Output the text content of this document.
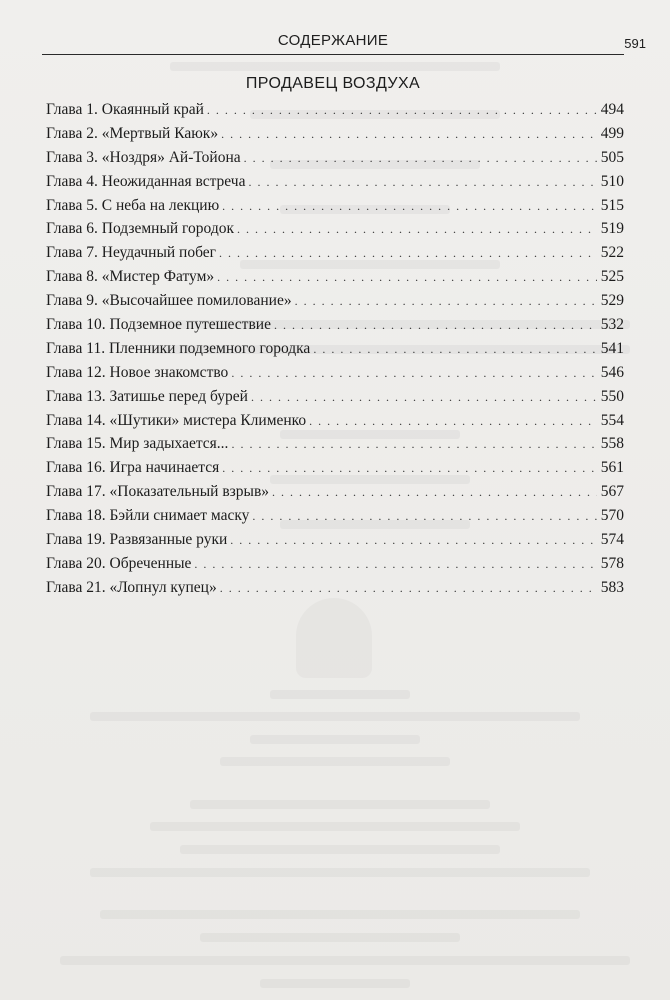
СОДЕРЖАНИЕ	591
ПРОДАВЕЦ ВОЗДУХА
Глава 1. Окаянный край . . .	494
Глава 2. «Мертвый Каюк» . . .	499
Глава 3. «Ноздря» Ай-Тойона . . .	505
Глава 4. Неожиданная встреча . . .	510
Глава 5. С неба на лекцию . . .	515
Глава 6. Подземный городок . . .	519
Глава 7. Неудачный побег . . .	522
Глава 8. «Мистер Фатум» . . .	525
Глава 9. «Высочайшее помилование» . . .	529
Глава 10. Подземное путешествие . . .	532
Глава 11. Пленники подземного городка . . .	541
Глава 12. Новое знакомство . . .	546
Глава 13. Затишье перед бурей . . .	550
Глава 14. «Шутики» мистера Клименко . . .	554
Глава 15. Мир задыхается... . . .	558
Глава 16. Игра начинается . . .	561
Глава 17. «Показательный взрыв» . . .	567
Глава 18. Бэйли снимает маску . . .	570
Глава 19. Развязанные руки . . .	574
Глава 20. Обреченные . . .	578
Глава 21. «Лопнул купец» . . .	583
